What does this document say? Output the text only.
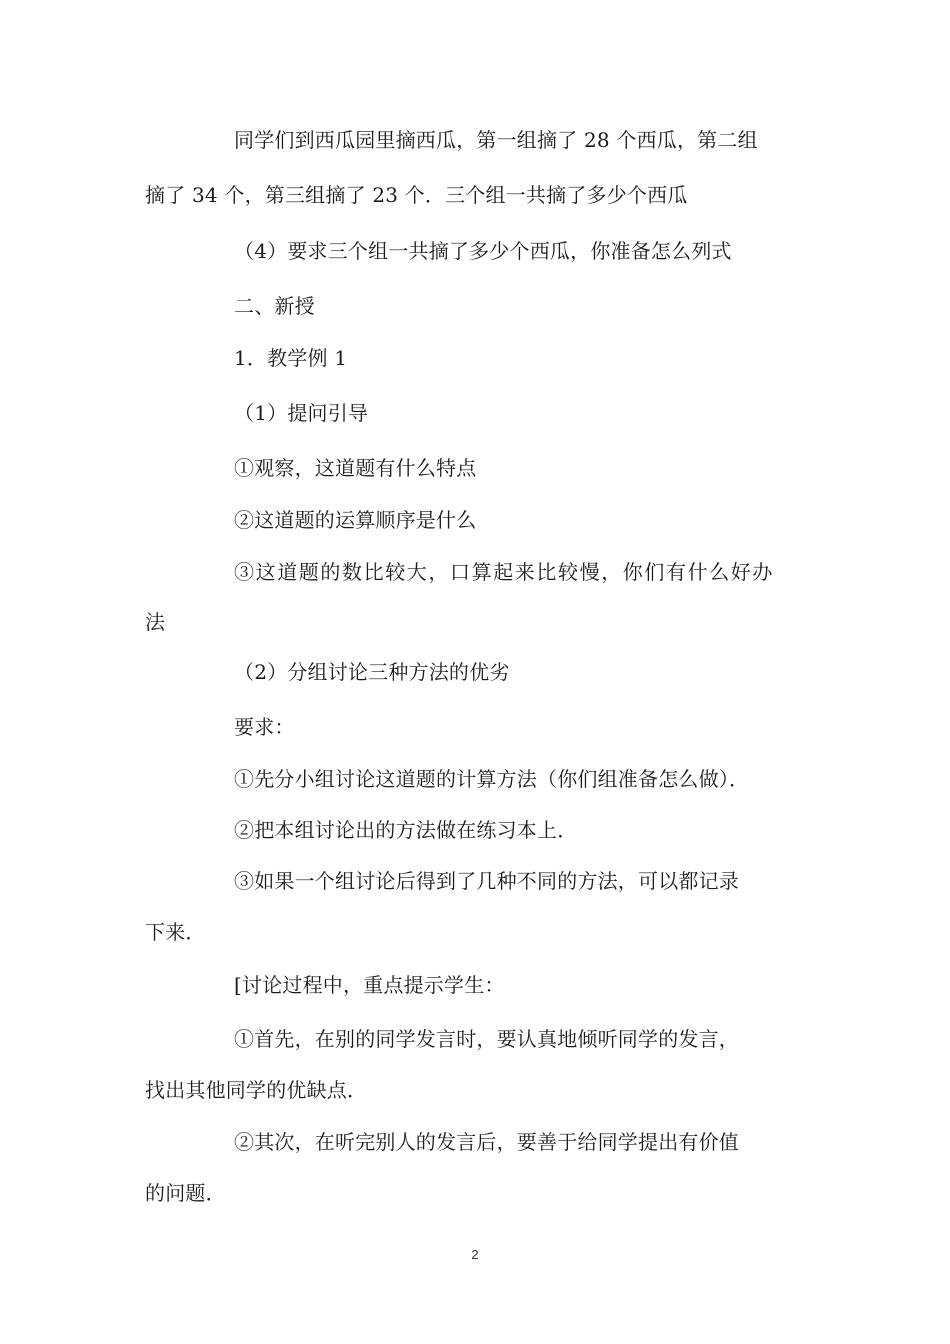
同学们到西瓜园里摘西瓜，第一组摘了 28 个西瓜，第二组
摘了 34 个，第三组摘了 23 个．三个组一共摘了多少个西瓜
（4）要求三个组一共摘了多少个西瓜，你准备怎么列式
二、新授
1．教学例 1
（1）提问引导
①观察，这道题有什么特点
②这道题的运算顺序是什么
③这道题的数比较大，口算起来比较慢，你们有什么好办
法
（2）分组讨论三种方法的优劣
要求：
①先分小组讨论这道题的计算方法（你们组准备怎么做）．
②把本组讨论出的方法做在练习本上．
③如果一个组讨论后得到了几种不同的方法，可以都记录
下来．
[讨论过程中，重点提示学生：
①首先，在别的同学发言时，要认真地倾听同学的发言，
找出其他同学的优缺点．
②其次，在听完别人的发言后，要善于给同学提出有价值
的问题．
2
